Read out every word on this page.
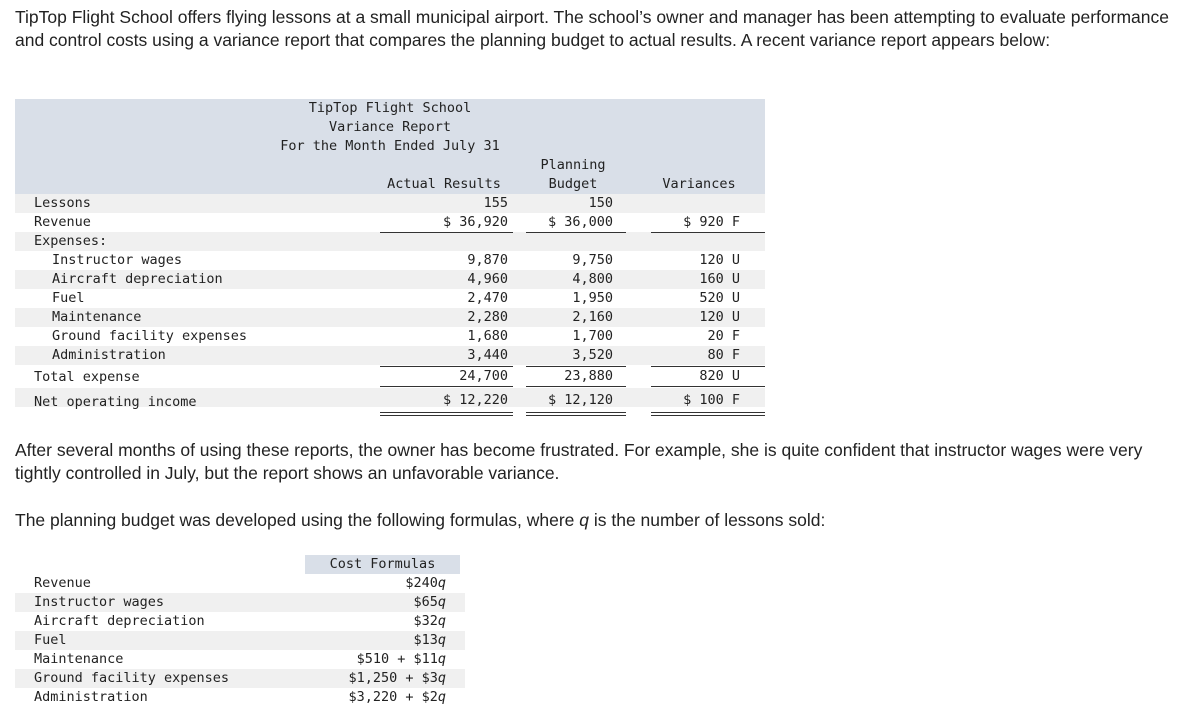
TipTop Flight School offers flying lessons at a small municipal airport. The school’s owner and manager has been attempting to evaluate performance and control costs using a variance report that compares the planning budget to actual results. A recent variance report appears below:

TipTop Flight School
Variance Report
For the Month Ended July 31
Planning
Actual Results	Budget	Variances
Lessons	155	150
Revenue	$ 36,920	$ 36,000	$ 920 F
Expenses:
Instructor wages	9,870	9,750	120 U
Aircraft depreciation	4,960	4,800	160 U
Fuel	2,470	1,950	520 U
Maintenance	2,280	2,160	120 U
Ground facility expenses	1,680	1,700	20 F
Administration	3,440	3,520	80 F
Total expense	24,700	23,880	820 U
Net operating income	$ 12,220	$ 12,120	$ 100 F

After several months of using these reports, the owner has become frustrated. For example, she is quite confident that instructor wages were very tightly controlled in July, but the report shows an unfavorable variance.

The planning budget was developed using the following formulas, where q is the number of lessons sold:

Cost Formulas
Revenue	$240q
Instructor wages	$65q
Aircraft depreciation	$32q
Fuel	$13q
Maintenance	$510 + $11q
Ground facility expenses	$1,250 + $3q
Administration	$3,220 + $2q
